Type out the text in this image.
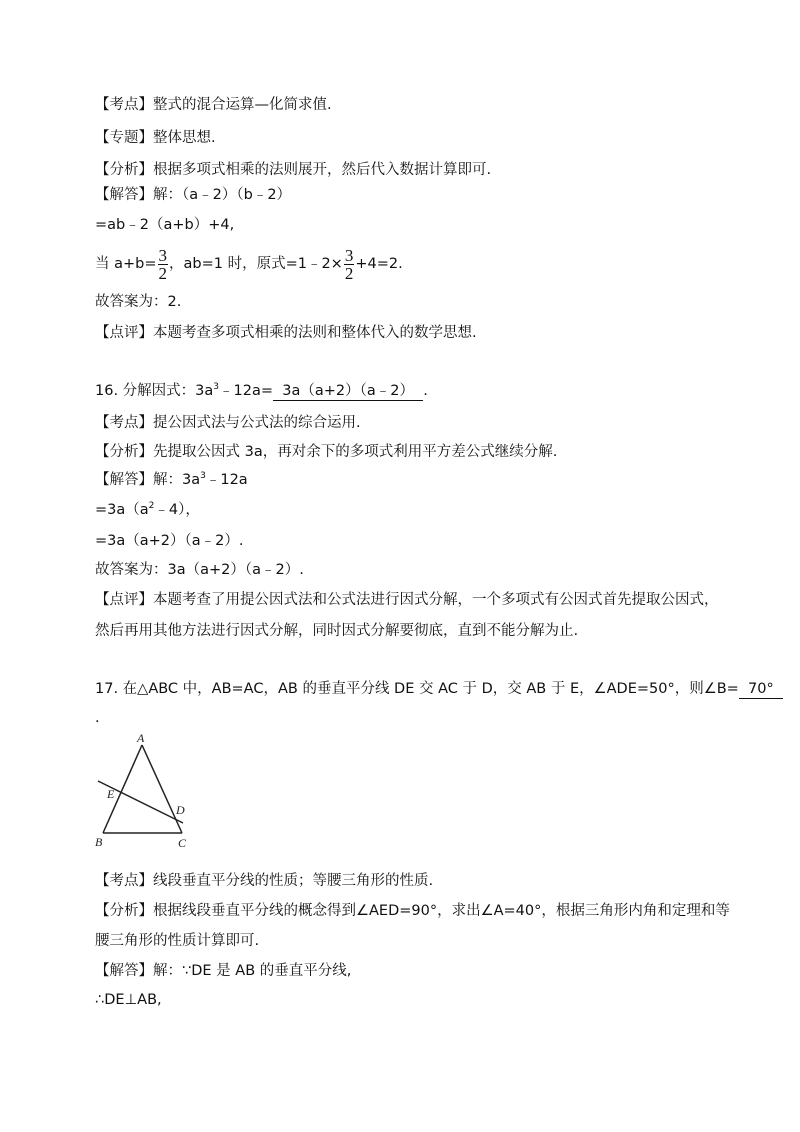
【考点】整式的混合运算—化简求值.
【专题】整体思想.
【分析】根据多项式相乘的法则展开，然后代入数据计算即可.
【解答】解：（a﹣2）（b﹣2）
=ab﹣2（a+b）+4,
当 $a+b= \frac{3}{2}$ ，ab=1 时，原式=1﹣2× $\frac{3}{2} +4=2$.
故答案为：2.
【点评】本题考查多项式相乘的法则和整体代入的数学思想.
16. 分解因式：$3a^3﹣12a=$  3a（a+2）（a﹣2）  .
【考点】提公因式法与公式法的综合运用.
【分析】先提取公因式 3a，再对余下的多项式利用平方差公式继续分解.
【解答】解：$3a^3﹣12a$
$=3a(a^2﹣4)$，
=3a（a+2）（a﹣2）.
故答案为：3a（a+2）（a﹣2）.
【点评】本题考查了用提公因式法和公式法进行因式分解，一个多项式有公因式首先提取公因式，
然后再用其他方法进行因式分解，同时因式分解要彻底，直到不能分解为止.
17. 在△ABC 中，AB=AC，AB 的垂直平分线 DE 交 AC 于 D，交 AB 于 E，∠ADE=50°，则∠B=  70°
.
A
E
D
B	C
【考点】线段垂直平分线的性质；等腰三角形的性质.
【分析】根据线段垂直平分线的概念得到∠AED=90°，求出∠A=40°，根据三角形内角和定理和等
腰三角形的性质计算即可.
【解答】解：∵DE 是 AB 的垂直平分线,
∴DE⊥AB,
